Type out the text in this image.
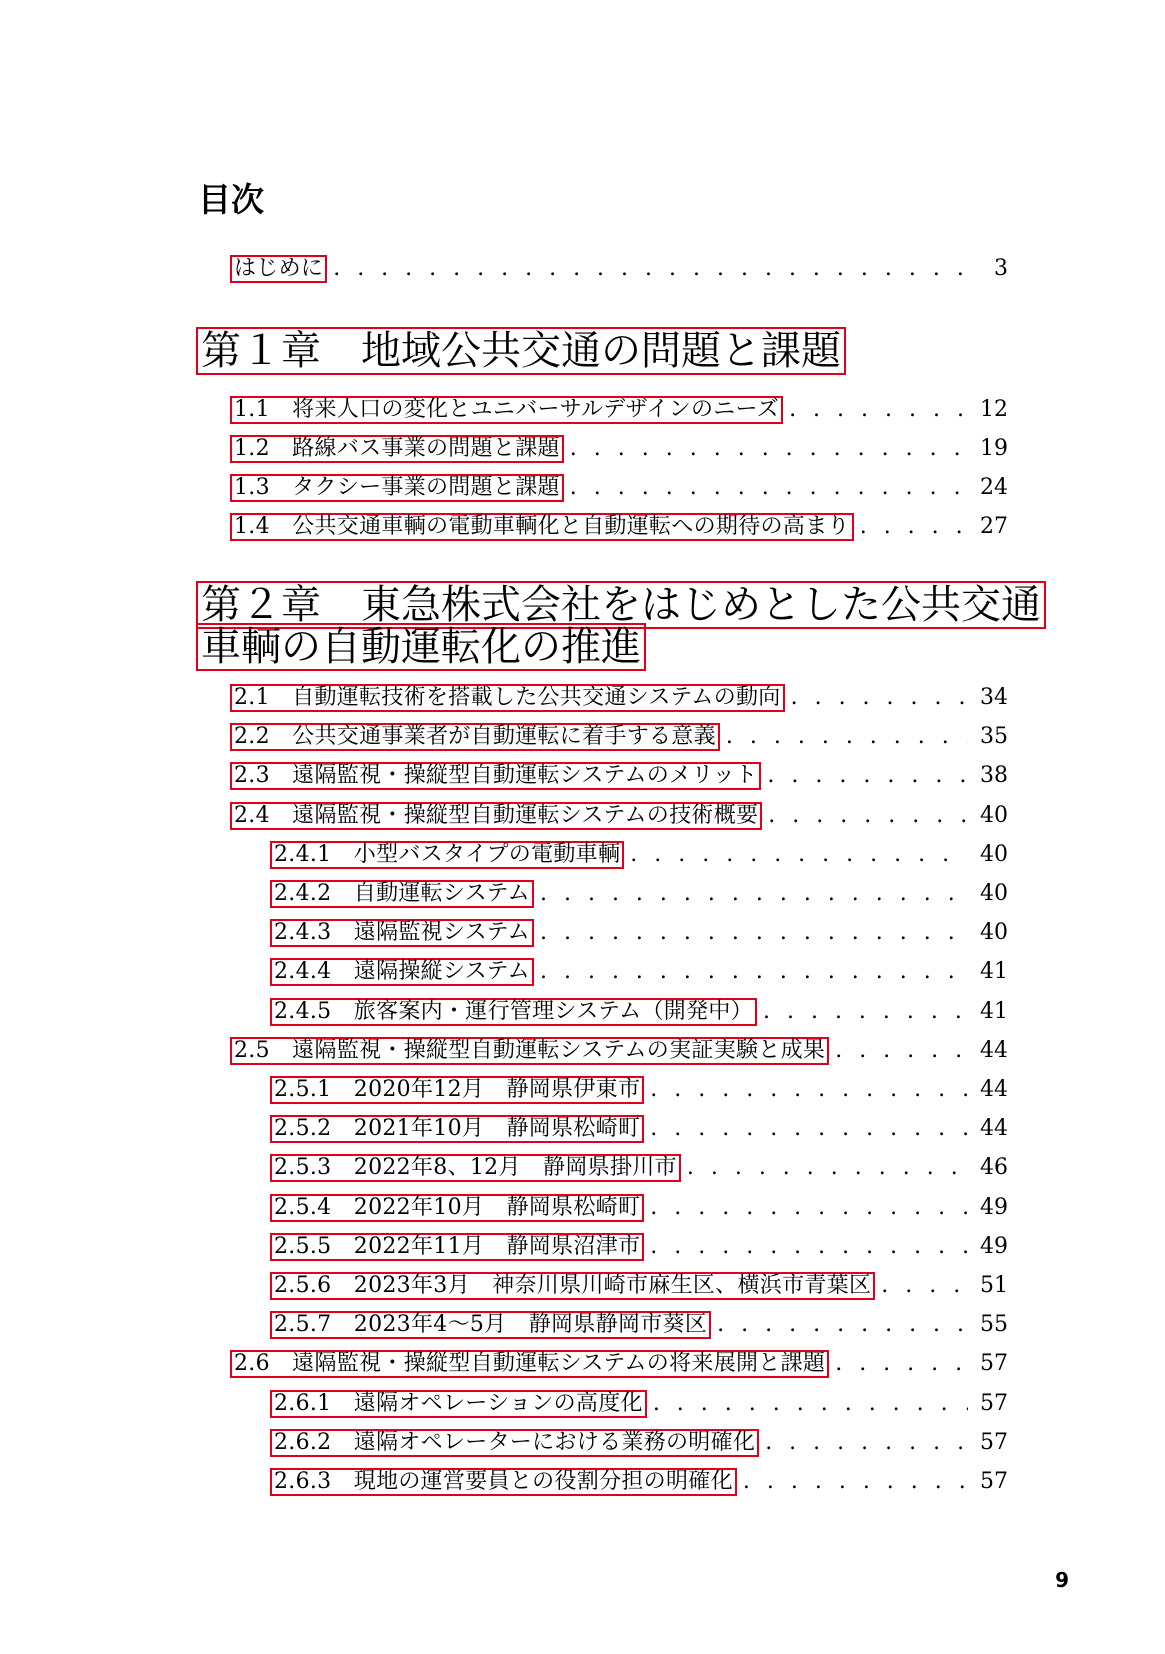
目次
はじめに . . .	3
第１章　地域公共交通の問題と課題
1.1　将来人口の変化とユニバーサルデザインのニーズ . . .	12
1.2　路線バス事業の問題と課題 . . .	19
1.3　タクシー事業の問題と課題 . . .	24
1.4　公共交通車輌の電動車輌化と自動運転への期待の高まり . . .	27
第２章　東急株式会社をはじめとした公共交通
車輌の自動運転化の推進
2.1　自動運転技術を搭載した公共交通システムの動向 . . .	34
2.2　公共交通事業者が自動運転に着手する意義 . . .	35
2.3　遠隔監視・操縦型自動運転システムのメリット . . .	38
2.4　遠隔監視・操縦型自動運転システムの技術概要 . . .	40
2.4.1　小型バスタイプの電動車輌 . . .	40
2.4.2　自動運転システム . . .	40
2.4.3　遠隔監視システム . . .	40
2.4.4　遠隔操縦システム . . .	41
2.4.5　旅客案内・運行管理システム（開発中） . . .	41
2.5　遠隔監視・操縦型自動運転システムの実証実験と成果 . . .	44
2.5.1　2020年12月　静岡県伊東市 . . .	44
2.5.2　2021年10月　静岡県松崎町 . . .	44
2.5.3　2022年8、12月　静岡県掛川市 . . .	46
2.5.4　2022年10月　静岡県松崎町 . . .	49
2.5.5　2022年11月　静岡県沼津市 . . .	49
2.5.6　2023年3月　神奈川県川崎市麻生区、横浜市青葉区 . . .	51
2.5.7　2023年4～5月　静岡県静岡市葵区 . . .	55
2.6　遠隔監視・操縦型自動運転システムの将来展開と課題 . . .	57
2.6.1　遠隔オペレーションの高度化 . . .	57
2.6.2　遠隔オペレーターにおける業務の明確化 . . .	57
2.6.3　現地の運営要員との役割分担の明確化 . . .	57
9
